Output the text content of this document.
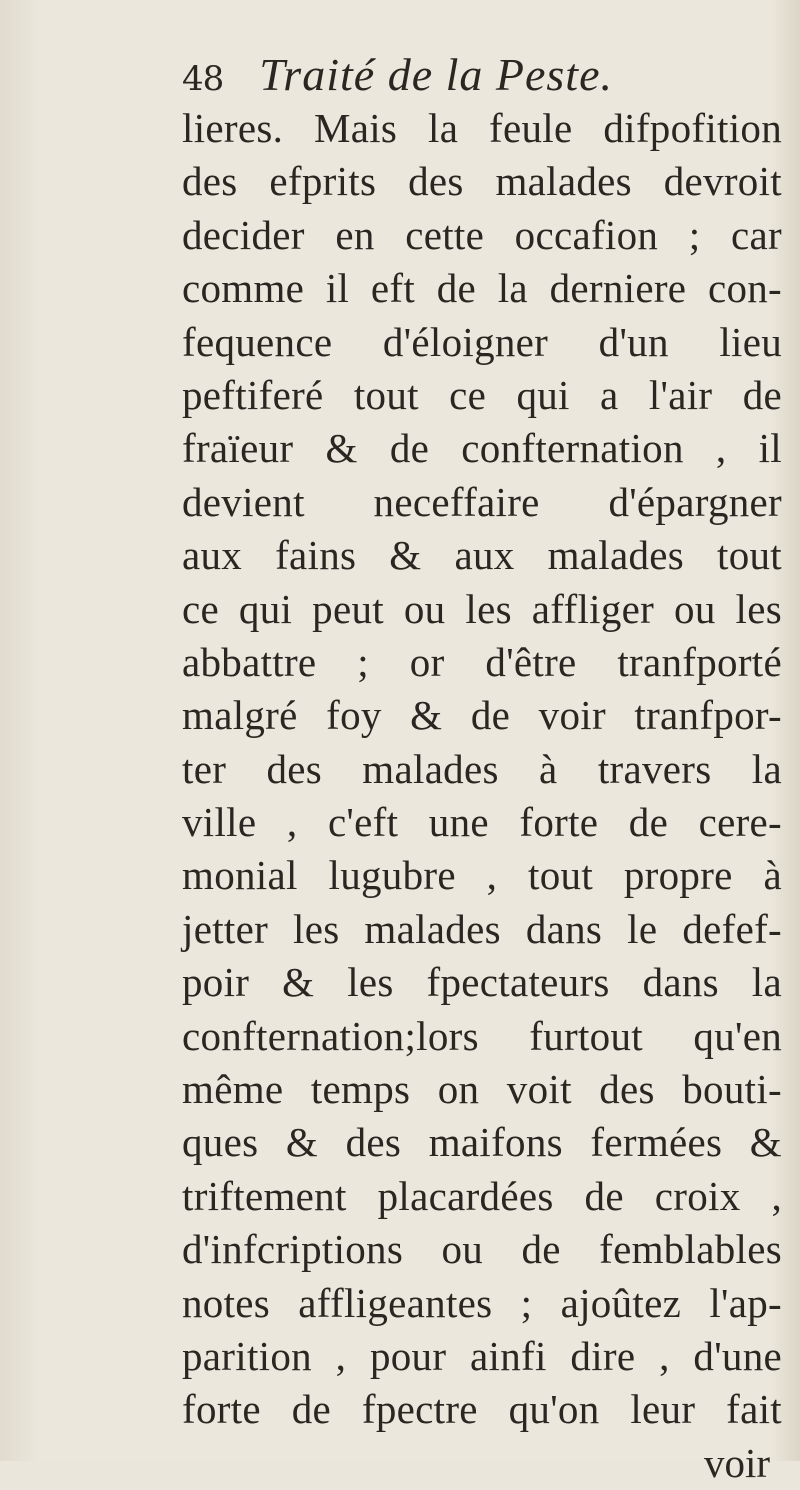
48 Traité de la Peste.
lieres. Mais la feule difpofition
des efprits des malades devroit
decider en cette occafion ; car
comme il eft de la derniere con-
fequence d'éloigner d'un lieu
peftiferé tout ce qui a l'air de
fraïeur & de confternation , il
devient neceffaire d'épargner
aux fains & aux malades tout
ce qui peut ou les affliger ou les
abbattre ; or d'être tranfporté
malgré foy & de voir tranfpor-
ter des malades à travers la
ville , c'eft une forte de cere-
monial lugubre , tout propre à
jetter les malades dans le defef-
poir & les fpectateurs dans la
confternation;lors furtout qu'en
même temps on voit des bouti-
ques & des maifons fermées &
triftement placardées de croix ,
d'infcriptions ou de femblables
notes affligeantes ; ajoûtez l'ap-
parition , pour ainfi dire , d'une
forte de fpectre qu'on leur fait
voir
